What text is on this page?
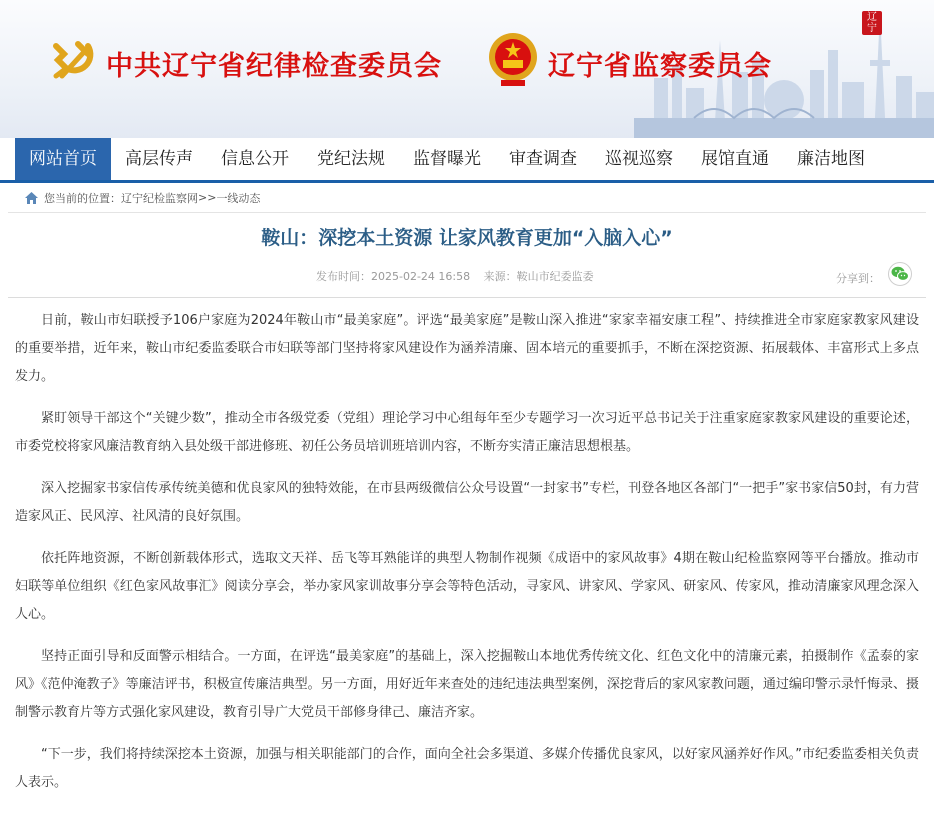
中共辽宁省纪律检查委员会	辽宁省监察委员会
辽
宁
网站首页	高层传声	信息公开	党纪法规	监督曝光	审查调查	巡视巡察	展馆直通	廉洁地图
您当前的位置： 辽宁纪检监察网 >> 一线动态
鞍山：深挖本土资源 让家风教育更加“入脑入心”
发布时间：2025-02-24 16:58 来源：鞍山市纪委监委	分享到：

日前，鞍山市妇联授予106户家庭为2024年鞍山市“最美家庭”。评选“最美家庭”是鞍山深入推进“家家幸福安康工程”、持续推进全市家庭家教家风建设的重要举措，近年来，鞍山市纪委监委联合市妇联等部门坚持将家风建设作为涵养清廉、固本培元的重要抓手，不断在深挖资源、拓展载体、丰富形式上多点发力。

紧盯领导干部这个“关键少数”，推动全市各级党委（党组）理论学习中心组每年至少专题学习一次习近平总书记关于注重家庭家教家风建设的重要论述，市委党校将家风廉洁教育纳入县处级干部进修班、初任公务员培训班培训内容，不断夯实清正廉洁思想根基。

深入挖掘家书家信传承传统美德和优良家风的独特效能，在市县两级微信公众号设置“一封家书”专栏，刊登各地区各部门“一把手”家书家信50封，有力营造家风正、民风淳、社风清的良好氛围。

依托阵地资源，不断创新载体形式，选取文天祥、岳飞等耳熟能详的典型人物制作视频《成语中的家风故事》4期在鞍山纪检监察网等平台播放。推动市妇联等单位组织《红色家风故事汇》阅读分享会，举办家风家训故事分享会等特色活动，寻家风、讲家风、学家风、研家风、传家风，推动清廉家风理念深入人心。

坚持正面引导和反面警示相结合。一方面，在评选“最美家庭”的基础上，深入挖掘鞍山本地优秀传统文化、红色文化中的清廉元素，拍摄制作《孟泰的家风》《范仲淹教子》等廉洁评书，积极宣传廉洁典型。另一方面，用好近年来查处的违纪违法典型案例，深挖背后的家风家教问题，通过编印警示录忏悔录、摄制警示教育片等方式强化家风建设，教育引导广大党员干部修身律己、廉洁齐家。

“下一步，我们将持续深挖本土资源，加强与相关职能部门的合作，面向全社会多渠道、多媒介传播优良家风，以好家风涵养好作风。”市纪委监委相关负责人表示。
